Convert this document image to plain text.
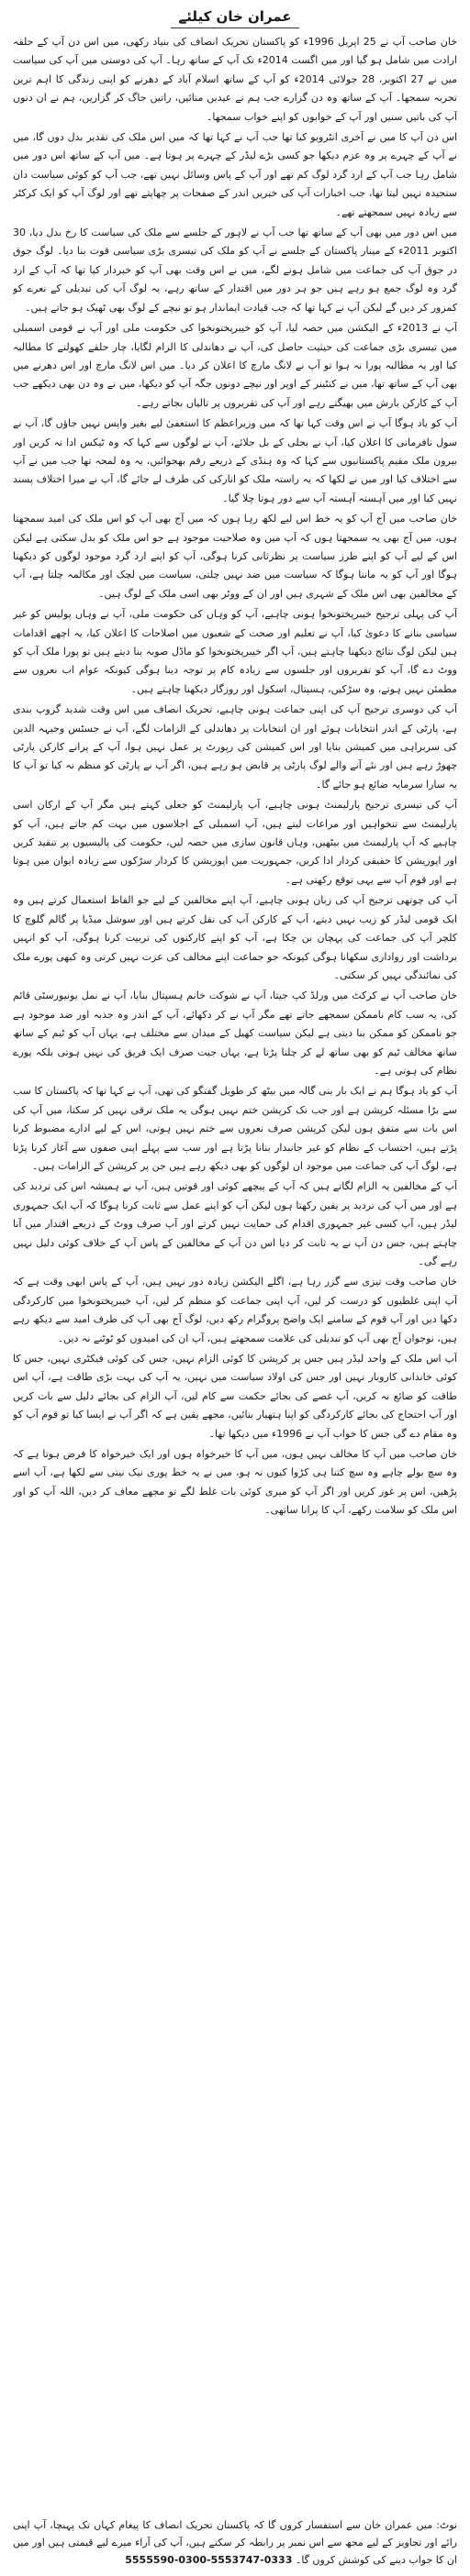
عمران خان کیلئے

خان صاحب آپ نے 25 اپریل 1996ء کو پاکستان تحریک انصاف کی بنیاد رکھی، میں اس دن آپ کے حلقہ ارادت میں شامل ہو گیا اور میں اگست 2014ء تک آپ کے ساتھ رہا۔ آپ کی دوستی میں آپ کی سیاست میں نے 27 اکتوبر، 28 جولائی 2014ء کو آپ کے ساتھ اسلام آباد کے دھرنے کو اپنی زندگی کا اہم ترین تجربہ سمجھا۔ آپ کے ساتھ وہ دن گزارے جب ہم نے عیدیں منائیں، راتیں جاگ کر گزاریں، ہم نے ان دنوں آپ کی باتیں سنیں اور آپ کے خوابوں کو اپنے خواب سمجھا۔

اس دن آپ کا میں نے آخری انٹرویو کیا تھا جب آپ نے کہا تھا کہ میں اس ملک کی تقدیر بدل دوں گا، میں نے آپ کے چہرے پر وہ عزم دیکھا جو کسی بڑے لیڈر کے چہرے پر ہوتا ہے۔ میں آپ کے ساتھ اس دور میں شامل رہا جب آپ کے ارد گرد لوگ کم تھے اور آپ کے پاس وسائل نہیں تھے، جب آپ کو کوئی سیاست دان سنجیدہ نہیں لیتا تھا، جب اخبارات آپ کی خبریں اندر کے صفحات پر چھاپتے تھے اور لوگ آپ کو ایک کرکٹر سے زیادہ نہیں سمجھتے تھے۔

میں اس دور میں بھی آپ کے ساتھ تھا جب آپ نے لاہور کے جلسے سے ملک کی سیاست کا رخ بدل دیا، 30 اکتوبر 2011ء کے مینار پاکستان کے جلسے نے آپ کو ملک کی تیسری بڑی سیاسی قوت بنا دیا۔ لوگ جوق در جوق آپ کی جماعت میں شامل ہونے لگے، میں نے اس وقت بھی آپ کو خبردار کیا تھا کہ آپ کے ارد گرد وہ لوگ جمع ہو رہے ہیں جو ہر دور میں اقتدار کے ساتھ رہے، یہ لوگ آپ کی تبدیلی کے نعرے کو کمزور کر دیں گے لیکن آپ نے کہا تھا کہ جب قیادت ایماندار ہو تو نیچے کے لوگ بھی ٹھیک ہو جاتے ہیں۔

آپ نے 2013ء کے الیکشن میں حصہ لیا، آپ کو خیبرپختونخوا کی حکومت ملی اور آپ نے قومی اسمبلی میں تیسری بڑی جماعت کی حیثیت حاصل کی، آپ نے دھاندلی کا الزام لگایا، چار حلقے کھولنے کا مطالبہ کیا اور یہ مطالبہ پورا نہ ہوا تو آپ نے لانگ مارچ کا اعلان کر دیا۔ میں اس لانگ مارچ اور اس دھرنے میں بھی آپ کے ساتھ تھا، میں نے کنٹینر کے اوپر اور نیچے دونوں جگہ آپ کو دیکھا، میں نے وہ دن بھی دیکھے جب آپ کے کارکن بارش میں بھیگتے رہے اور آپ کی تقریروں پر تالیاں بجاتے رہے۔

آپ کو یاد ہوگا آپ نے اس وقت کہا تھا کہ میں وزیراعظم کا استعفیٰ لیے بغیر واپس نہیں جاؤں گا، آپ نے سول نافرمانی کا اعلان کیا، آپ نے بجلی کے بل جلائے، آپ نے لوگوں سے کہا کہ وہ ٹیکس ادا نہ کریں اور بیرون ملک مقیم پاکستانیوں سے کہا کہ وہ ہنڈی کے ذریعے رقم بھجوائیں، یہ وہ لمحہ تھا جب میں نے آپ سے اختلاف کیا اور میں نے لکھا کہ یہ راستہ ملک کو انارکی کی طرف لے جائے گا، آپ نے میرا اختلاف پسند نہیں کیا اور میں آہستہ آہستہ آپ سے دور ہوتا چلا گیا۔

خان صاحب میں آج آپ کو یہ خط اس لیے لکھ رہا ہوں کہ میں آج بھی آپ کو اس ملک کی امید سمجھتا ہوں، میں آج بھی یہ سمجھتا ہوں کہ آپ میں وہ صلاحیت موجود ہے جو اس ملک کو بدل سکتی ہے لیکن اس کے لیے آپ کو اپنے طرز سیاست پر نظرثانی کرنا ہوگی، آپ کو اپنے ارد گرد موجود لوگوں کو دیکھنا ہوگا اور آپ کو یہ ماننا ہوگا کہ سیاست میں ضد نہیں چلتی، سیاست میں لچک اور مکالمہ چلتا ہے، آپ کے مخالفین بھی اس ملک کے شہری ہیں اور ان کے ووٹر بھی اسی ملک کے لوگ ہیں۔

آپ کی پہلی ترجیح خیبرپختونخوا ہونی چاہیے، آپ کو وہاں کی حکومت ملی، آپ نے وہاں پولیس کو غیر سیاسی بنانے کا دعویٰ کیا، آپ نے تعلیم اور صحت کے شعبوں میں اصلاحات کا اعلان کیا، یہ اچھے اقدامات ہیں لیکن لوگ نتائج دیکھنا چاہتے ہیں، آپ اگر خیبرپختونخوا کو ماڈل صوبہ بنا دیتے ہیں تو پورا ملک آپ کو ووٹ دے گا، آپ کو تقریروں اور جلسوں سے زیادہ کام پر توجہ دینا ہوگی کیونکہ عوام اب نعروں سے مطمئن نہیں ہوتے، وہ سڑکیں، ہسپتال، اسکول اور روزگار دیکھنا چاہتے ہیں۔

آپ کی دوسری ترجیح آپ کی اپنی جماعت ہونی چاہیے، تحریک انصاف میں اس وقت شدید گروپ بندی ہے، پارٹی کے اندر انتخابات ہوئے اور ان انتخابات پر دھاندلی کے الزامات لگے، آپ نے جسٹس وجیہہ الدین کی سربراہی میں کمیشن بنایا اور اس کمیشن کی رپورٹ پر عمل نہیں ہوا، آپ کے پرانے کارکن پارٹی چھوڑ رہے ہیں اور نئے آنے والے لوگ پارٹی پر قابض ہو رہے ہیں، اگر آپ نے پارٹی کو منظم نہ کیا تو آپ کا یہ سارا سرمایہ ضائع ہو جائے گا۔

آپ کی تیسری ترجیح پارلیمنٹ ہونی چاہیے، آپ پارلیمنٹ کو جعلی کہتے ہیں مگر آپ کے ارکان اسی پارلیمنٹ سے تنخواہیں اور مراعات لیتے ہیں، آپ اسمبلی کے اجلاسوں میں بہت کم جاتے ہیں، آپ کو چاہیے کہ آپ پارلیمنٹ میں بیٹھیں، وہاں قانون سازی میں حصہ لیں، حکومت کی پالیسیوں پر تنقید کریں اور اپوزیشن کا حقیقی کردار ادا کریں، جمہوریت میں اپوزیشن کا کردار سڑکوں سے زیادہ ایوان میں ہوتا ہے اور قوم آپ سے یہی توقع رکھتی ہے۔

آپ کی چوتھی ترجیح آپ کی زبان ہونی چاہیے، آپ اپنے مخالفین کے لیے جو الفاظ استعمال کرتے ہیں وہ ایک قومی لیڈر کو زیب نہیں دیتے، آپ کے کارکن آپ کی نقل کرتے ہیں اور سوشل میڈیا پر گالم گلوچ کا کلچر آپ کی جماعت کی پہچان بن چکا ہے، آپ کو اپنے کارکنوں کی تربیت کرنا ہوگی، آپ کو انہیں برداشت اور رواداری سکھانا ہوگی کیونکہ جو جماعت اپنے مخالف کی عزت نہیں کرتی وہ کبھی پورے ملک کی نمائندگی نہیں کر سکتی۔

خان صاحب آپ نے کرکٹ میں ورلڈ کپ جیتا، آپ نے شوکت خانم ہسپتال بنایا، آپ نے نمل یونیورسٹی قائم کی، یہ سب کام ناممکن سمجھے جاتے تھے مگر آپ نے کر دکھائے، آپ کے اندر وہ جذبہ اور ضد موجود ہے جو ناممکن کو ممکن بنا دیتی ہے لیکن سیاست کھیل کے میدان سے مختلف ہے، یہاں آپ کو ٹیم کے ساتھ ساتھ مخالف ٹیم کو بھی ساتھ لے کر چلنا پڑتا ہے، یہاں جیت صرف ایک فریق کی نہیں ہوتی بلکہ پورے نظام کی ہوتی ہے۔

آپ کو یاد ہوگا ہم نے ایک بار بنی گالہ میں بیٹھ کر طویل گفتگو کی تھی، آپ نے کہا تھا کہ پاکستان کا سب سے بڑا مسئلہ کرپشن ہے اور جب تک کرپشن ختم نہیں ہوگی یہ ملک ترقی نہیں کر سکتا، میں آپ کی اس بات سے متفق ہوں لیکن کرپشن صرف نعروں سے ختم نہیں ہوتی، اس کے لیے ادارے مضبوط کرنا پڑتے ہیں، احتساب کے نظام کو غیر جانبدار بنانا پڑتا ہے اور سب سے پہلے اپنی صفوں سے آغاز کرنا پڑتا ہے، لوگ آپ کی جماعت میں موجود ان لوگوں کو بھی دیکھ رہے ہیں جن پر کرپشن کے الزامات ہیں۔

آپ کے مخالفین یہ الزام لگاتے ہیں کہ آپ کے پیچھے کوئی اور قوتیں ہیں، آپ نے ہمیشہ اس کی تردید کی ہے اور میں آپ کی تردید پر یقین رکھتا ہوں لیکن آپ کو اپنے عمل سے ثابت کرنا ہوگا کہ آپ ایک جمہوری لیڈر ہیں، آپ کسی غیر جمہوری اقدام کی حمایت نہیں کرتے اور آپ صرف ووٹ کے ذریعے اقتدار میں آنا چاہتے ہیں، جس دن آپ نے یہ ثابت کر دیا اس دن آپ کے مخالفین کے پاس آپ کے خلاف کوئی دلیل نہیں رہے گی۔

خان صاحب وقت تیزی سے گزر رہا ہے، اگلے الیکشن زیادہ دور نہیں ہیں، آپ کے پاس ابھی وقت ہے کہ آپ اپنی غلطیوں کو درست کر لیں، آپ اپنی جماعت کو منظم کر لیں، آپ خیبرپختونخوا میں کارکردگی دکھا دیں اور آپ قوم کے سامنے ایک واضح پروگرام رکھ دیں، لوگ آج بھی آپ کی طرف امید سے دیکھ رہے ہیں، نوجوان آج بھی آپ کو تبدیلی کی علامت سمجھتے ہیں، آپ ان کی امیدوں کو ٹوٹنے نہ دیں۔

آپ اس ملک کے واحد لیڈر ہیں جس پر کرپشن کا کوئی الزام نہیں، جس کی کوئی فیکٹری نہیں، جس کا کوئی خاندانی کاروبار نہیں اور جس کی اولاد سیاست میں نہیں، یہ آپ کی بہت بڑی طاقت ہے، آپ اس طاقت کو ضائع نہ کریں، آپ غصے کی بجائے حکمت سے کام لیں، آپ الزام کی بجائے دلیل سے بات کریں اور آپ احتجاج کی بجائے کارکردگی کو اپنا ہتھیار بنائیں، مجھے یقین ہے کہ اگر آپ نے ایسا کیا تو قوم آپ کو وہ مقام دے گی جس کا خواب آپ نے 1996ء میں دیکھا تھا۔

خان صاحب میں آپ کا مخالف نہیں ہوں، میں آپ کا خیرخواہ ہوں اور ایک خیرخواہ کا فرض ہوتا ہے کہ وہ سچ بولے چاہے وہ سچ کتنا ہی کڑوا کیوں نہ ہو، میں نے یہ خط پوری نیک نیتی سے لکھا ہے، آپ اسے پڑھیں، اس پر غور کریں اور اگر آپ کو میری کوئی بات غلط لگے تو مجھے معاف کر دیں، اللہ آپ کو اور اس ملک کو سلامت رکھے، آپ کا پرانا ساتھی۔

نوٹ: میں عمران خان سے استفسار کروں گا کہ پاکستان تحریک انصاف کا پیغام کہاں تک پہنچا، آپ اپنی رائے اور تجاویز کے لیے مجھ سے اس نمبر پر رابطہ کر سکتے ہیں، آپ کی آراء میرے لیے قیمتی ہیں اور میں ان کا جواب دینے کی کوشش کروں گا۔ 0333-5553747-0300-5555590
